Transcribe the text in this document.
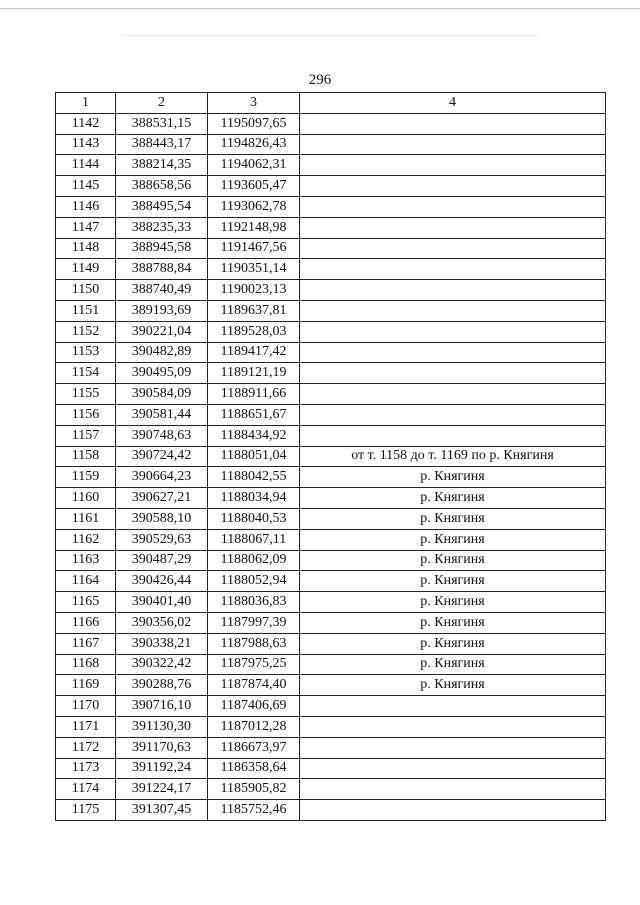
296
1	2	3	4
1142	388531,15	1195097,65	
1143	388443,17	1194826,43	
1144	388214,35	1194062,31	
1145	388658,56	1193605,47	
1146	388495,54	1193062,78	
1147	388235,33	1192148,98	
1148	388945,58	1191467,56	
1149	388788,84	1190351,14	
1150	388740,49	1190023,13	
1151	389193,69	1189637,81	
1152	390221,04	1189528,03	
1153	390482,89	1189417,42	
1154	390495,09	1189121,19	
1155	390584,09	1188911,66	
1156	390581,44	1188651,67	
1157	390748,63	1188434,92	
1158	390724,42	1188051,04	от т. 1158 до т. 1169 по р. Княгиня
1159	390664,23	1188042,55	р. Княгиня
1160	390627,21	1188034,94	р. Княгиня
1161	390588,10	1188040,53	р. Княгиня
1162	390529,63	1188067,11	р. Княгиня
1163	390487,29	1188062,09	р. Княгиня
1164	390426,44	1188052,94	р. Княгиня
1165	390401,40	1188036,83	р. Княгиня
1166	390356,02	1187997,39	р. Княгиня
1167	390338,21	1187988,63	р. Княгиня
1168	390322,42	1187975,25	р. Княгиня
1169	390288,76	1187874,40	р. Княгиня
1170	390716,10	1187406,69	
1171	391130,30	1187012,28	
1172	391170,63	1186673,97	
1173	391192,24	1186358,64	
1174	391224,17	1185905,82	
1175	391307,45	1185752,46	
